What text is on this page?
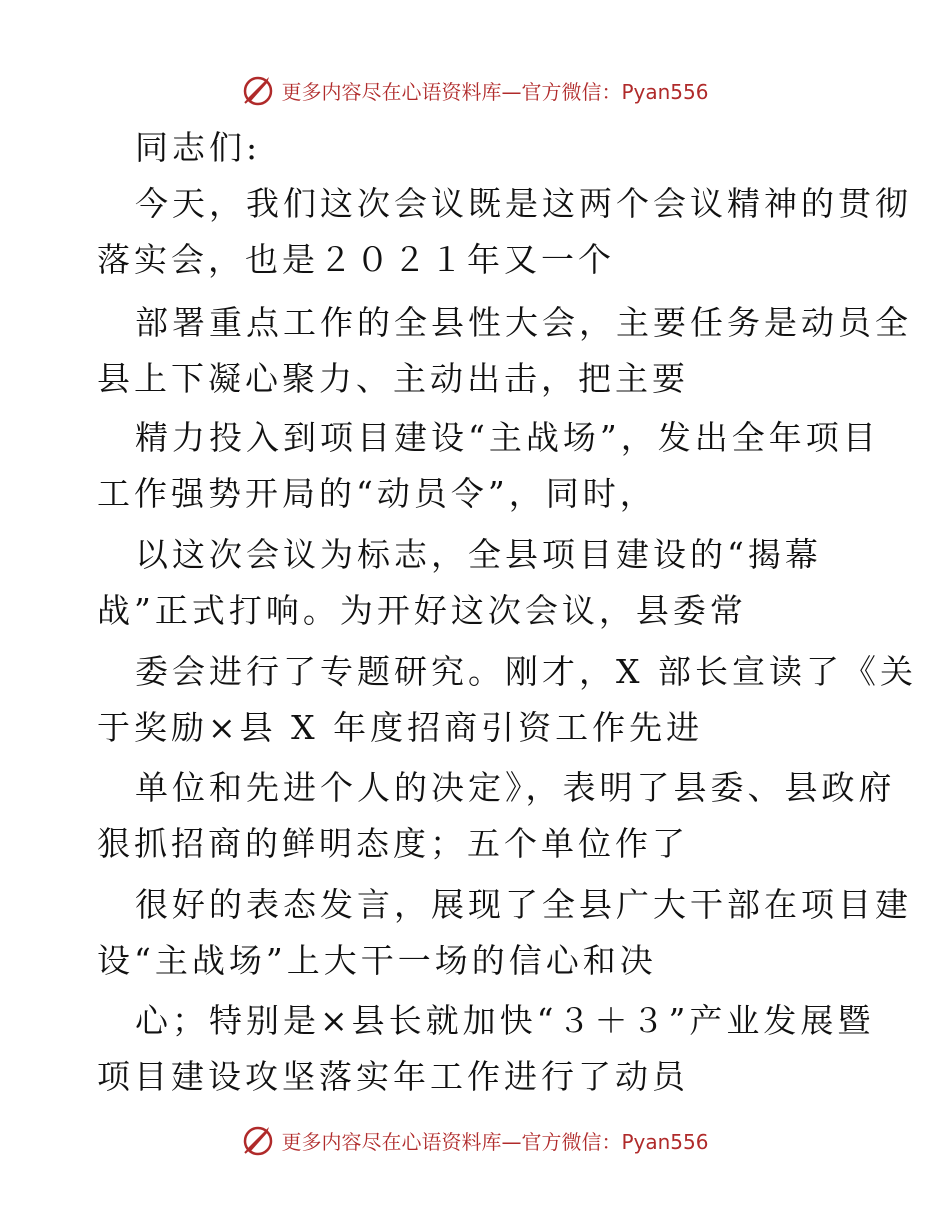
更多内容尽在心语资料库—官方微信：Pyan556
同志们:
今天，我们这次会议既是这两个会议精神的贯彻
落实会，也是２０２１年又一个
部署重点工作的全县性大会，主要任务是动员全
县上下凝心聚力、主动出击，把主要
精力投入到项目建设“主战场”，发出全年项目
工作强势开局的“动员令”，同时，
以这次会议为标志，全县项目建设的“揭幕
战”正式打响。为开好这次会议，县委常
委会进行了专题研究。刚才，X 部长宣读了《关
于奖励×县 X 年度招商引资工作先进
单位和先进个人的决定》，表明了县委、县政府
狠抓招商的鲜明态度；五个单位作了
很好的表态发言，展现了全县广大干部在项目建
设“主战场”上大干一场的信心和决
心；特别是×县长就加快“３＋３”产业发展暨
项目建设攻坚落实年工作进行了动员
更多内容尽在心语资料库—官方微信：Pyan556
